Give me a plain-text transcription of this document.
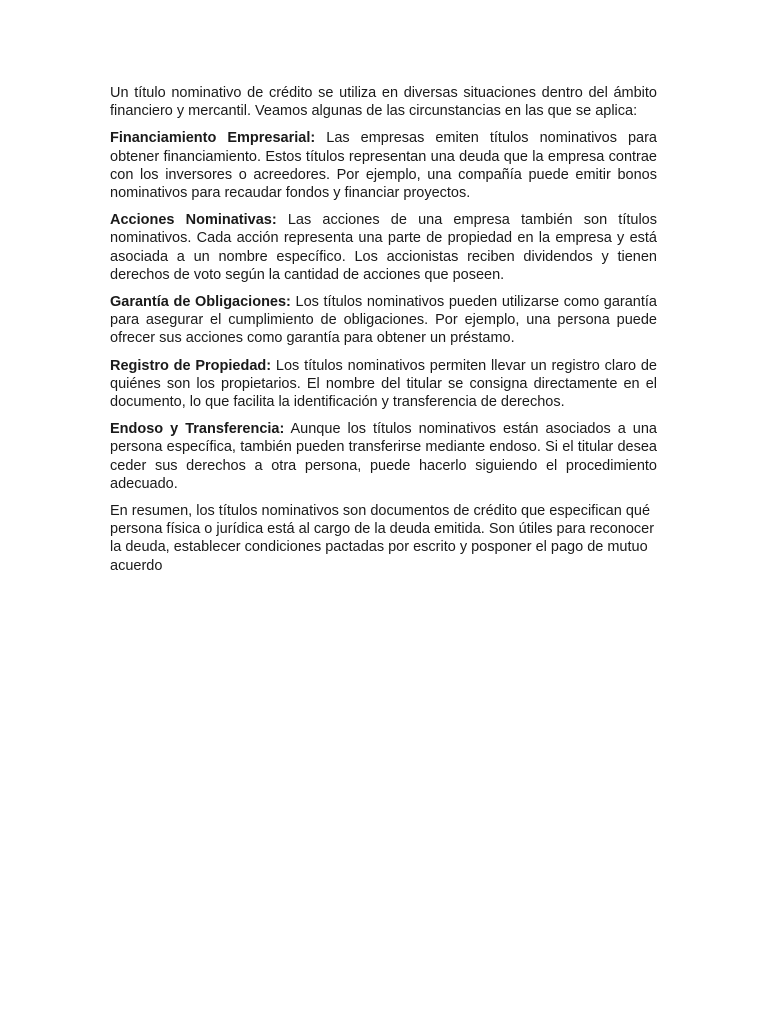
Un título nominativo de crédito se utiliza en diversas situaciones dentro del ámbito financiero y mercantil. Veamos algunas de las circunstancias en las que se aplica:

Financiamiento Empresarial: Las empresas emiten títulos nominativos para obtener financiamiento. Estos títulos representan una deuda que la empresa contrae con los inversores o acreedores. Por ejemplo, una compañía puede emitir bonos nominativos para recaudar fondos y financiar proyectos.

Acciones Nominativas: Las acciones de una empresa también son títulos nominativos. Cada acción representa una parte de propiedad en la empresa y está asociada a un nombre específico. Los accionistas reciben dividendos y tienen derechos de voto según la cantidad de acciones que poseen.

Garantía de Obligaciones: Los títulos nominativos pueden utilizarse como garantía para asegurar el cumplimiento de obligaciones. Por ejemplo, una persona puede ofrecer sus acciones como garantía para obtener un préstamo.

Registro de Propiedad: Los títulos nominativos permiten llevar un registro claro de quiénes son los propietarios. El nombre del titular se consigna directamente en el documento, lo que facilita la identificación y transferencia de derechos.

Endoso y Transferencia: Aunque los títulos nominativos están asociados a una persona específica, también pueden transferirse mediante endoso. Si el titular desea ceder sus derechos a otra persona, puede hacerlo siguiendo el procedimiento adecuado.

En resumen, los títulos nominativos son documentos de crédito que especifican qué persona física o jurídica está al cargo de la deuda emitida. Son útiles para reconocer la deuda, establecer condiciones pactadas por escrito y posponer el pago de mutuo acuerdo
